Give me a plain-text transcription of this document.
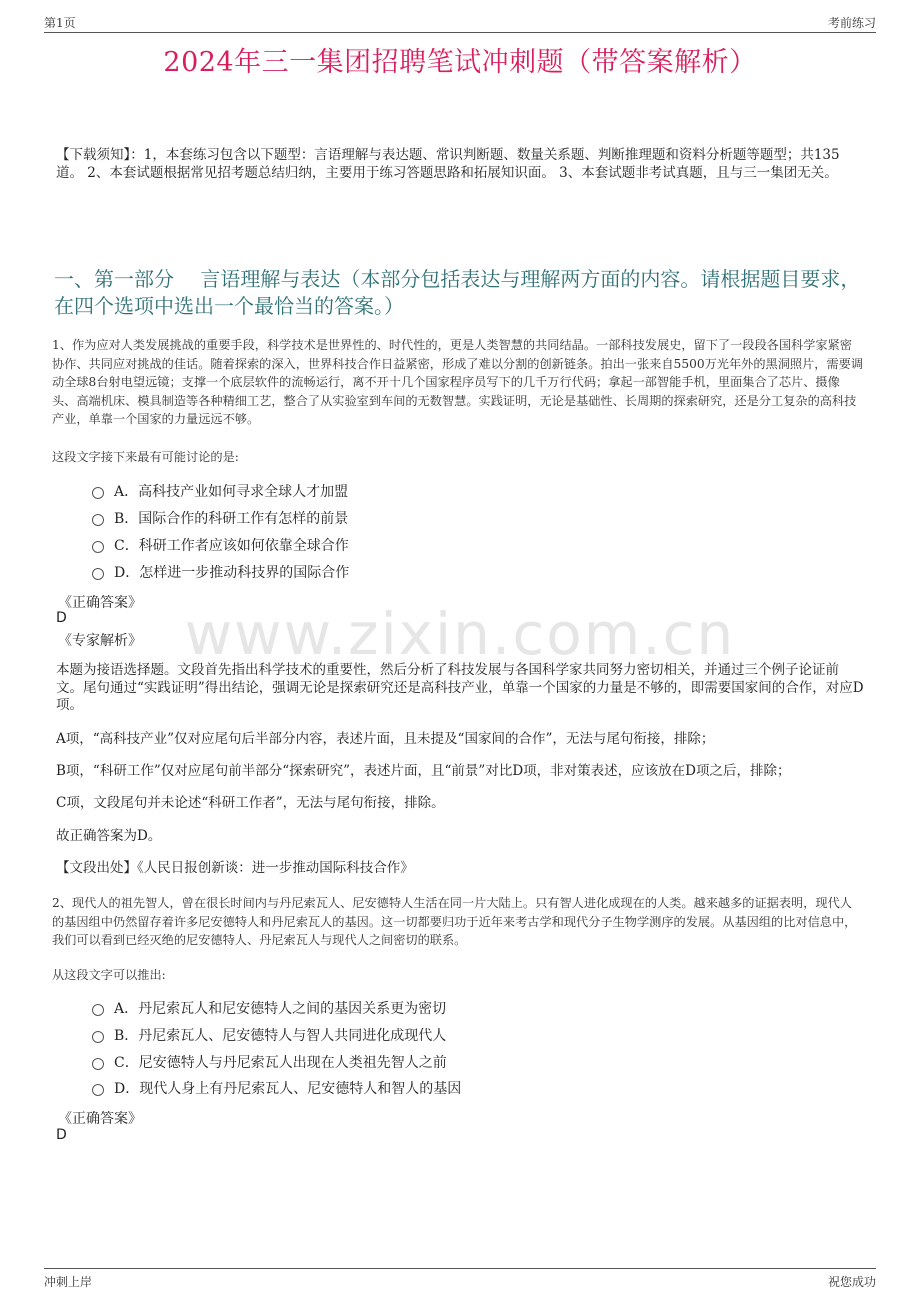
第1页	考前练习
www.zixin.com.cn
2024年三一集团招聘笔试冲刺题（带答案解析）
【下载须知】：1，本套练习包含以下题型：言语理解与表达题、常识判断题、数量关系题、判断推理题和资料分析题等题型；共135道。 2、本套试题根据常见招考题总结归纳，主要用于练习答题思路和拓展知识面。 3、本套试题非考试真题，且与三一集团无关。
一、第一部分　 言语理解与表达（本部分包括表达与理解两方面的内容。请根据题目要求，在四个选项中选出一个最恰当的答案。）
1、作为应对人类发展挑战的重要手段，科学技术是世界性的、时代性的，更是人类智慧的共同结晶。一部科技发展史，留下了一段段各国科学家紧密协作、共同应对挑战的佳话。随着探索的深入，世界科技合作日益紧密，形成了难以分割的创新链条。拍出一张来自5500万光年外的黑洞照片，需要调动全球8台射电望远镜；支撑一个底层软件的流畅运行，离不开十几个国家程序员写下的几千万行代码；拿起一部智能手机，里面集合了芯片、摄像头、高端机床、模具制造等各种精细工艺，整合了从实验室到车间的无数智慧。实践证明，无论是基础性、长周期的探索研究，还是分工复杂的高科技产业，单靠一个国家的力量远远不够。
这段文字接下来最有可能讨论的是:
A．高科技产业如何寻求全球人才加盟
B．国际合作的科研工作有怎样的前景
C．科研工作者应该如何依靠全球合作
D．怎样进一步推动科技界的国际合作
《正确答案》
D
《专家解析》
本题为接语选择题。文段首先指出科学技术的重要性，然后分析了科技发展与各国科学家共同努力密切相关，并通过三个例子论证前文。尾句通过“实践证明”得出结论，强调无论是探索研究还是高科技产业，单靠一个国家的力量是不够的，即需要国家间的合作，对应D项。
A项，“高科技产业”仅对应尾句后半部分内容，表述片面，且未提及“国家间的合作”，无法与尾句衔接，排除；
B项，“科研工作”仅对应尾句前半部分“探索研究”，表述片面，且“前景”对比D项，非对策表述，应该放在D项之后，排除；
C项，文段尾句并未论述“科研工作者”，无法与尾句衔接，排除。
故正确答案为D。
【文段出处】《人民日报创新谈：进一步推动国际科技合作》
2、现代人的祖先智人，曾在很长时间内与丹尼索瓦人、尼安德特人生活在同一片大陆上。只有智人进化成现在的人类。越来越多的证据表明，现代人的基因组中仍然留存着许多尼安德特人和丹尼索瓦人的基因。这一切都要归功于近年来考古学和现代分子生物学测序的发展。从基因组的比对信息中，我们可以看到已经灭绝的尼安德特人、丹尼索瓦人与现代人之间密切的联系。
从这段文字可以推出:
A．丹尼索瓦人和尼安德特人之间的基因关系更为密切
B．丹尼索瓦人、尼安德特人与智人共同进化成现代人
C．尼安德特人与丹尼索瓦人出现在人类祖先智人之前
D．现代人身上有丹尼索瓦人、尼安德特人和智人的基因
《正确答案》
D
冲刺上岸	祝您成功
